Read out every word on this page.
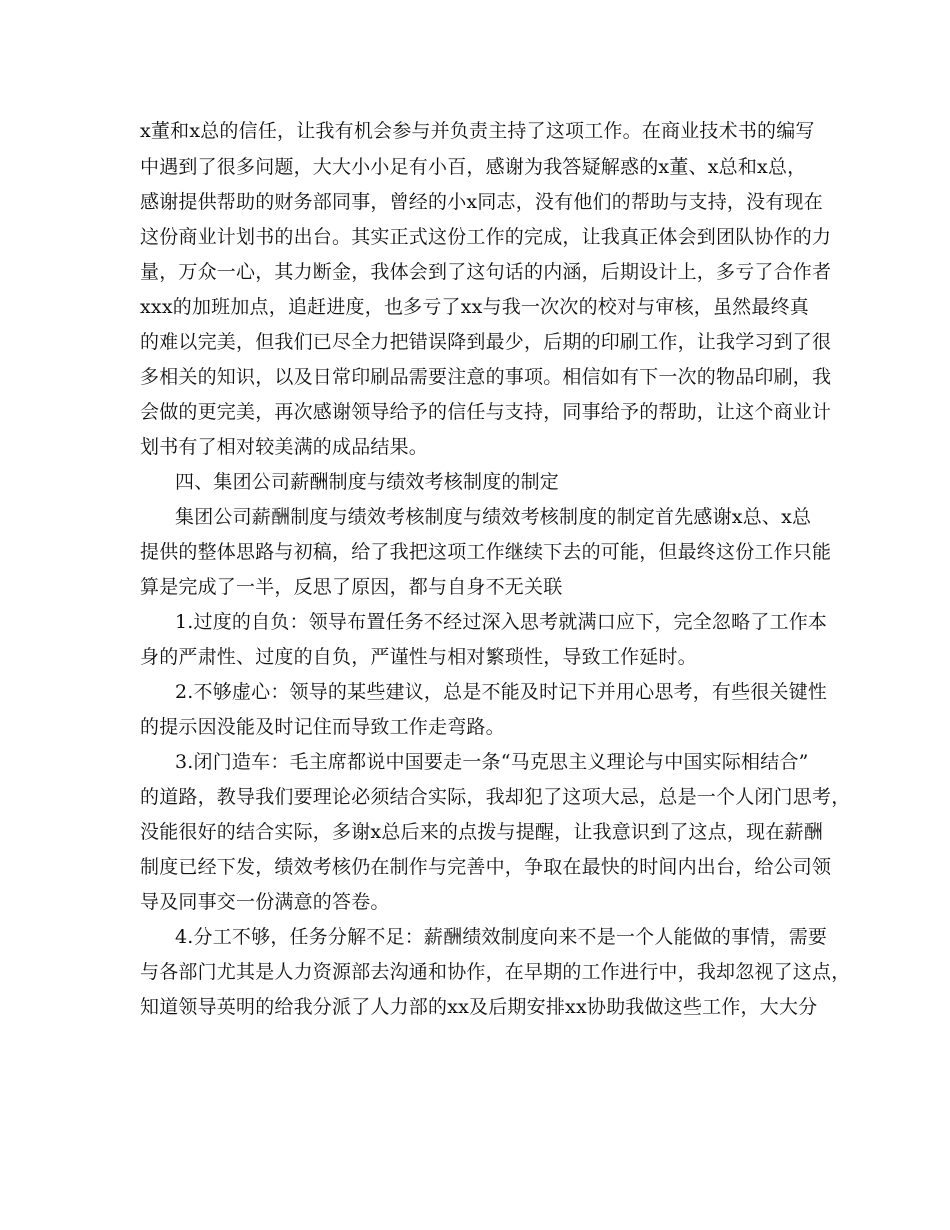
x董和x总的信任，让我有机会参与并负责主持了这项工作。在商业技术书的编写
中遇到了很多问题，大大小小足有小百，感谢为我答疑解惑的x董、x总和x总，
感谢提供帮助的财务部同事，曾经的小x同志，没有他们的帮助与支持，没有现在
这份商业计划书的出台。其实正式这份工作的完成，让我真正体会到团队协作的力
量，万众一心，其力断金，我体会到了这句话的内涵，后期设计上，多亏了合作者
xxx的加班加点，追赶进度，也多亏了xx与我一次次的校对与审核，虽然最终真
的难以完美，但我们已尽全力把错误降到最少，后期的印刷工作，让我学习到了很
多相关的知识，以及日常印刷品需要注意的事项。相信如有下一次的物品印刷，我
会做的更完美，再次感谢领导给予的信任与支持，同事给予的帮助，让这个商业计
划书有了相对较美满的成品结果。
四、集团公司薪酬制度与绩效考核制度的制定
集团公司薪酬制度与绩效考核制度与绩效考核制度的制定首先感谢x总、x总
提供的整体思路与初稿，给了我把这项工作继续下去的可能，但最终这份工作只能
算是完成了一半，反思了原因，都与自身不无关联
1.过度的自负：领导布置任务不经过深入思考就满口应下，完全忽略了工作本
身的严肃性、过度的自负，严谨性与相对繁琐性，导致工作延时。
2.不够虚心：领导的某些建议，总是不能及时记下并用心思考，有些很关键性
的提示因没能及时记住而导致工作走弯路。
3.闭门造车：毛主席都说中国要走一条“马克思主义理论与中国实际相结合”
的道路，教导我们要理论必须结合实际，我却犯了这项大忌，总是一个人闭门思考，
没能很好的结合实际，多谢x总后来的点拨与提醒，让我意识到了这点，现在薪酬
制度已经下发，绩效考核仍在制作与完善中，争取在最快的时间内出台，给公司领
导及同事交一份满意的答卷。
4.分工不够，任务分解不足：薪酬绩效制度向来不是一个人能做的事情，需要
与各部门尤其是人力资源部去沟通和协作，在早期的工作进行中，我却忽视了这点，
知道领导英明的给我分派了人力部的xx及后期安排xx协助我做这些工作，大大分
